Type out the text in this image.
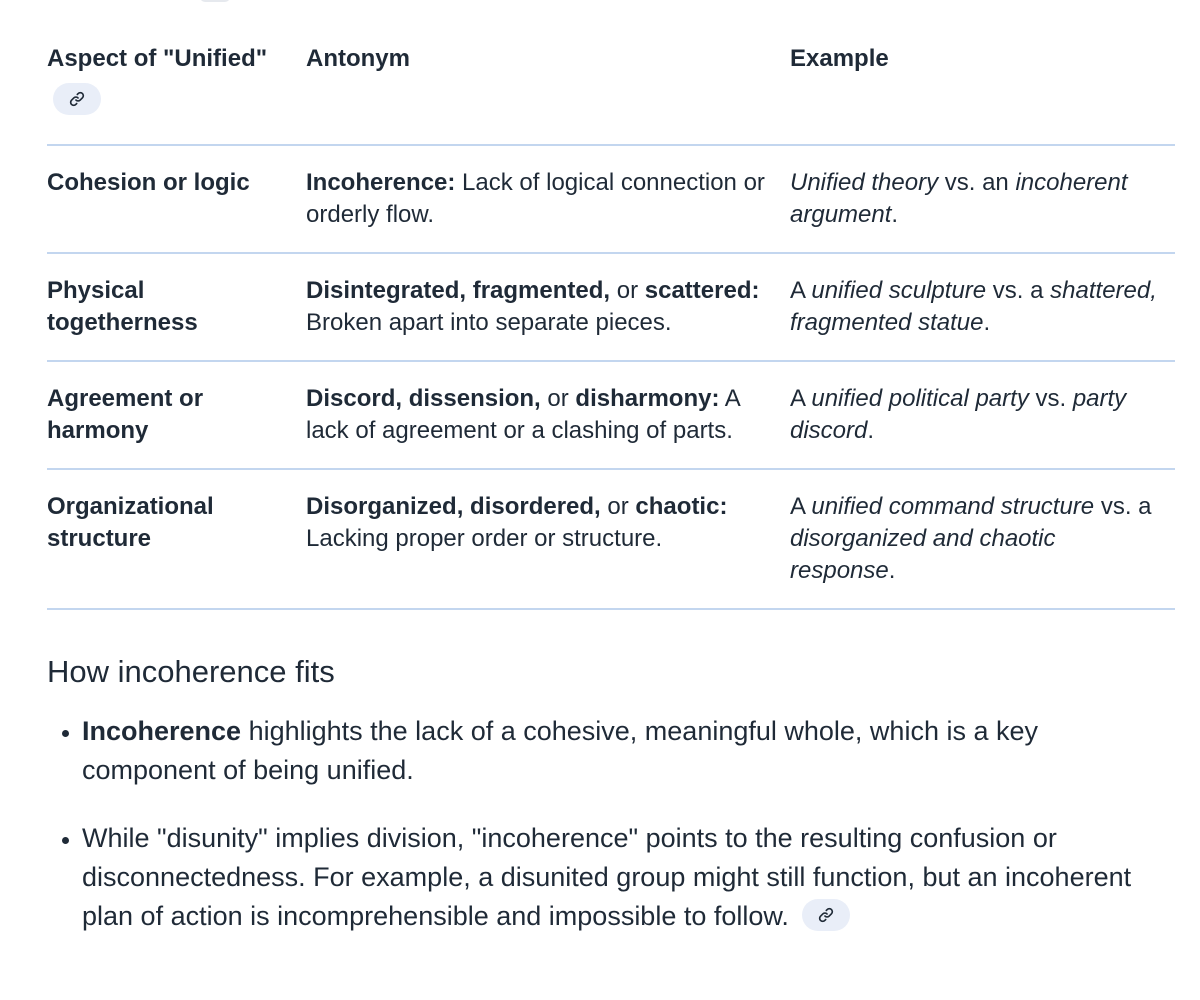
Aspect of "Unified"	Antonym	Example
Cohesion or logic	Incoherence: Lack of logical connection or orderly flow.	Unified theory vs. an incoherent argument.
Physical togetherness	Disintegrated, fragmented, or scattered: Broken apart into separate pieces.	A unified sculpture vs. a shattered, fragmented statue.
Agreement or harmony	Discord, dissension, or disharmony: A lack of agreement or a clashing of parts.	A unified political party vs. party discord.
Organizational structure	Disorganized, disordered, or chaotic: Lacking proper order or structure.	A unified command structure vs. a disorganized and chaotic response.
How incoherence fits
• Incoherence highlights the lack of a cohesive, meaningful whole, which is a key component of being unified.
• While "disunity" implies division, "incoherence" points to the resulting confusion or disconnectedness. For example, a disunited group might still function, but an incoherent plan of action is incomprehensible and impossible to follow.
